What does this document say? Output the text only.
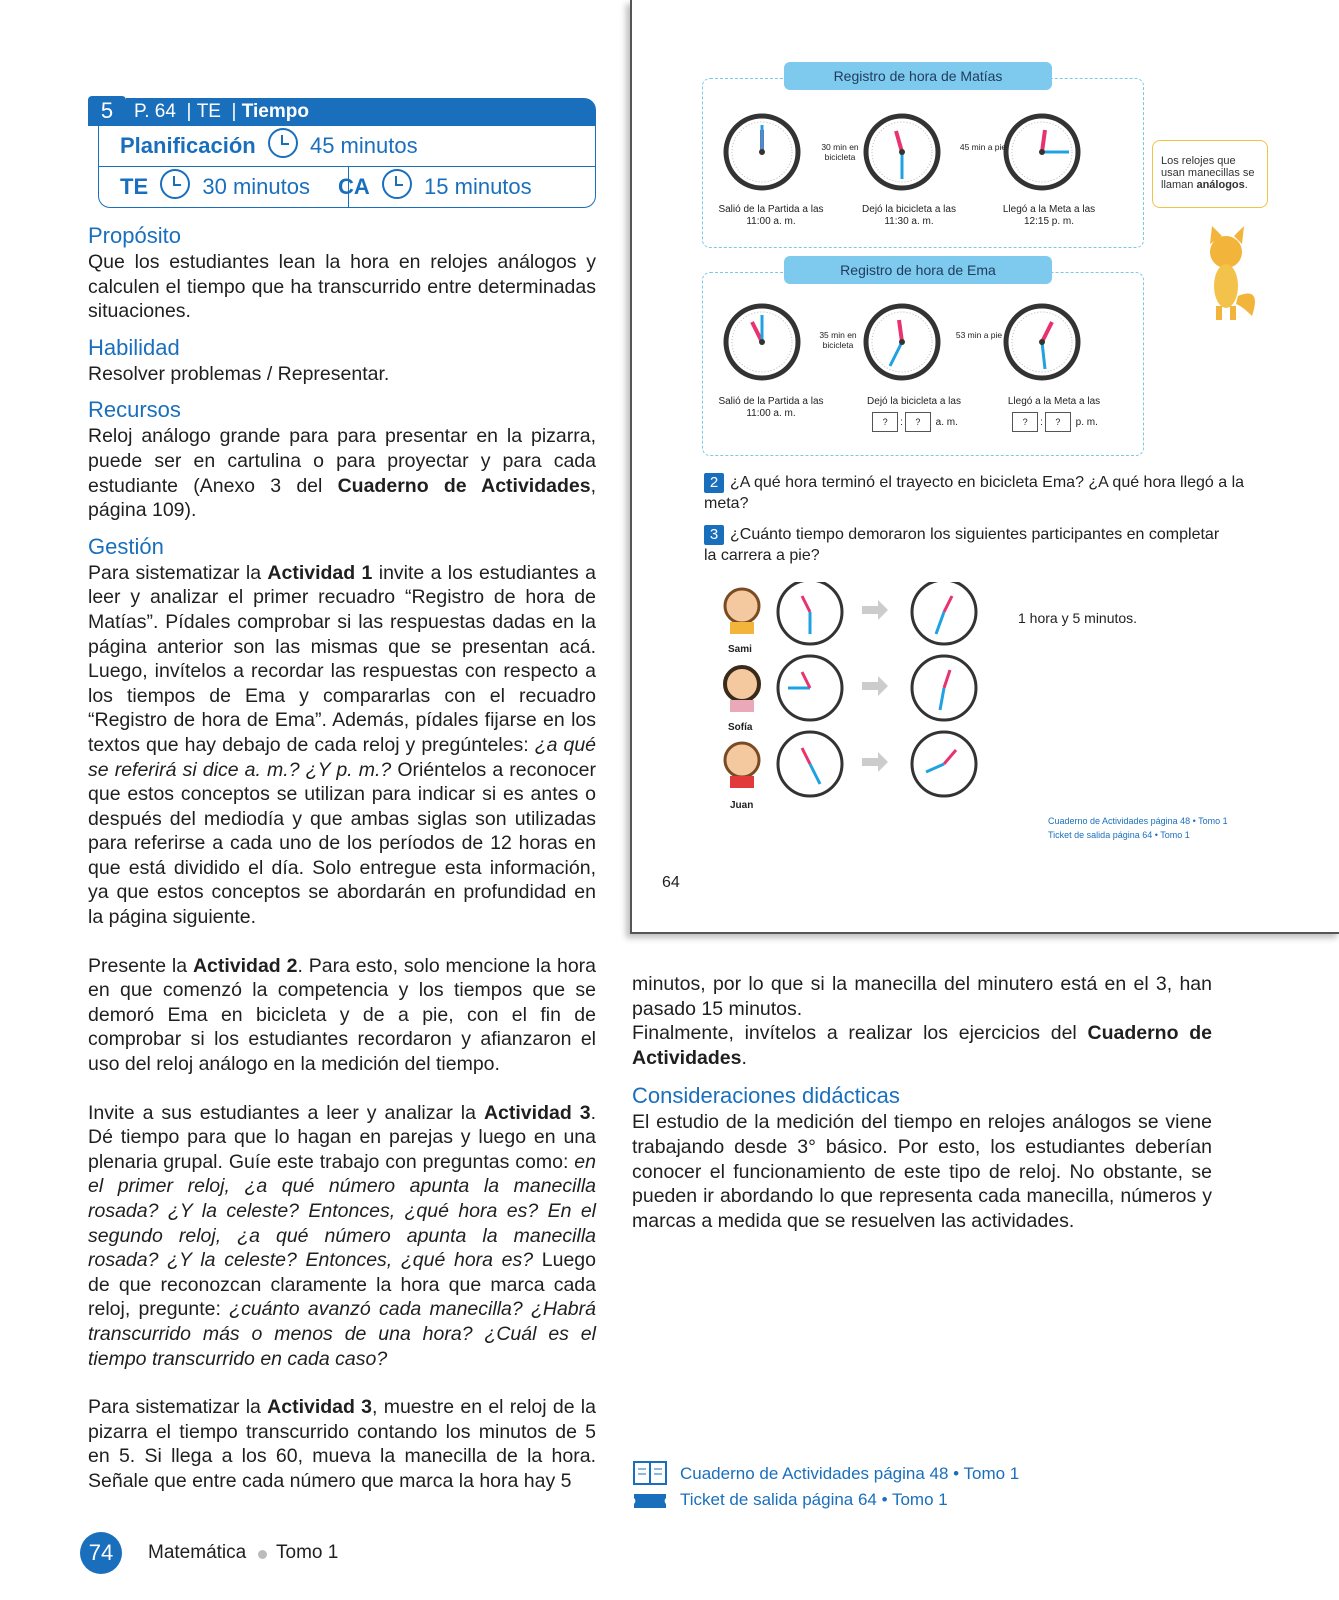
5	P. 64  | TE  | Tiempo
Planificación 45 minutos
TE 30 minutos	CA 15 minutos
Propósito

Que los estudiantes lean la hora en relojes análogos y calculen el tiempo que ha transcurrido entre determinadas situaciones.

Habilidad

Resolver problemas / Representar.

Recursos

Reloj análogo grande para para presentar en la pizarra, puede ser en cartulina o para proyectar y para cada estudiante (Anexo 3 del Cuaderno de Actividades, página 109).

Gestión

Para sistematizar la Actividad 1 invite a los estudiantes a leer y analizar el primer recuadro “Registro de hora de Matías”. Pídales comprobar si las respuestas dadas en la página anterior son las mismas que se presentan acá. Luego, invítelos a recordar las respuestas con respecto a los tiempos de Ema y compararlas con el recuadro “Registro de hora de Ema”. Además, pídales fijarse en los textos que hay debajo de cada reloj y pregúnteles: ¿a qué se referirá si dice a. m.? ¿Y p. m.? Oriéntelos a reconocer que estos conceptos se utilizan para indicar si es antes o después del mediodía y que ambas siglas son utilizadas para referirse a cada uno de los períodos de 12 horas en que está dividido el día. Solo entregue esta información, ya que estos conceptos se abordarán en profundidad en la página siguiente.

Presente la Actividad 2. Para esto, solo mencione la hora en que comenzó la competencia y los tiempos que se demoró Ema en bicicleta y de a pie, con el fin de comprobar si los estudiantes recordaron y afianzaron el uso del reloj análogo en la medición del tiempo.

Invite a sus estudiantes a leer y analizar la Actividad 3. Dé tiempo para que lo hagan en parejas y luego en una plenaria grupal. Guíe este trabajo con preguntas como: en el primer reloj, ¿a qué número apunta la manecilla rosada? ¿Y la celeste? Entonces, ¿qué hora es? En el segundo reloj, ¿a qué número apunta la manecilla rosada? ¿Y la celeste? Entonces, ¿qué hora es? Luego de que reconozcan claramente la hora que marca cada reloj, pregunte: ¿cuánto avanzó cada manecilla? ¿Habrá transcurrido más o menos de una hora? ¿Cuál es el tiempo transcurrido en cada caso?

Para sistematizar la Actividad 3, muestre en el reloj de la pizarra el tiempo transcurrido contando los minutos de 5 en 5. Si llega a los 60, mueva la manecilla de la hora. Señale que entre cada número que marca la hora hay 5

Registro de hora de Matías
30 min en bicicleta
45 min a pie
Salió de la Partida a las 11:00 a. m.
Dejó la bicicleta a las 11:30 a. m.
Llegó a la Meta a las 12:15 p. m.
Los relojes que usan manecillas se llaman análogos.
Registro de hora de Ema
35 min en bicicleta
53 min a pie
Salió de la Partida a las 11:00 a. m.
Dejó la bicicleta a las
? : ? a. m.
Llegó a la Meta a las
? : ? p. m.
2 ¿A qué hora terminó el trayecto en bicicleta Ema? ¿A qué hora llegó a la meta?
3 ¿Cuánto tiempo demoraron los siguientes participantes en completar la carrera a pie?
Sami
Sofía
Juan
1 hora y 5 minutos.
Cuaderno de Actividades página 48 • Tomo 1
Ticket de salida página 64 • Tomo 1
64

minutos, por lo que si la manecilla del minutero está en el 3, han pasado 15 minutos.

Finalmente, invítelos a realizar los ejercicios del Cuaderno de Actividades.

Consideraciones didácticas

El estudio de la medición del tiempo en relojes análogos se viene trabajando desde 3° básico. Por esto, los estudiantes deberían conocer el funcionamiento de este tipo de reloj. No obstante, se pueden ir abordando lo que representa cada manecilla, números y marcas a medida que se resuelven las actividades.

Cuaderno de Actividades página 48 • Tomo 1
Ticket de salida página 64 • Tomo 1
74	Matemática Tomo 1
